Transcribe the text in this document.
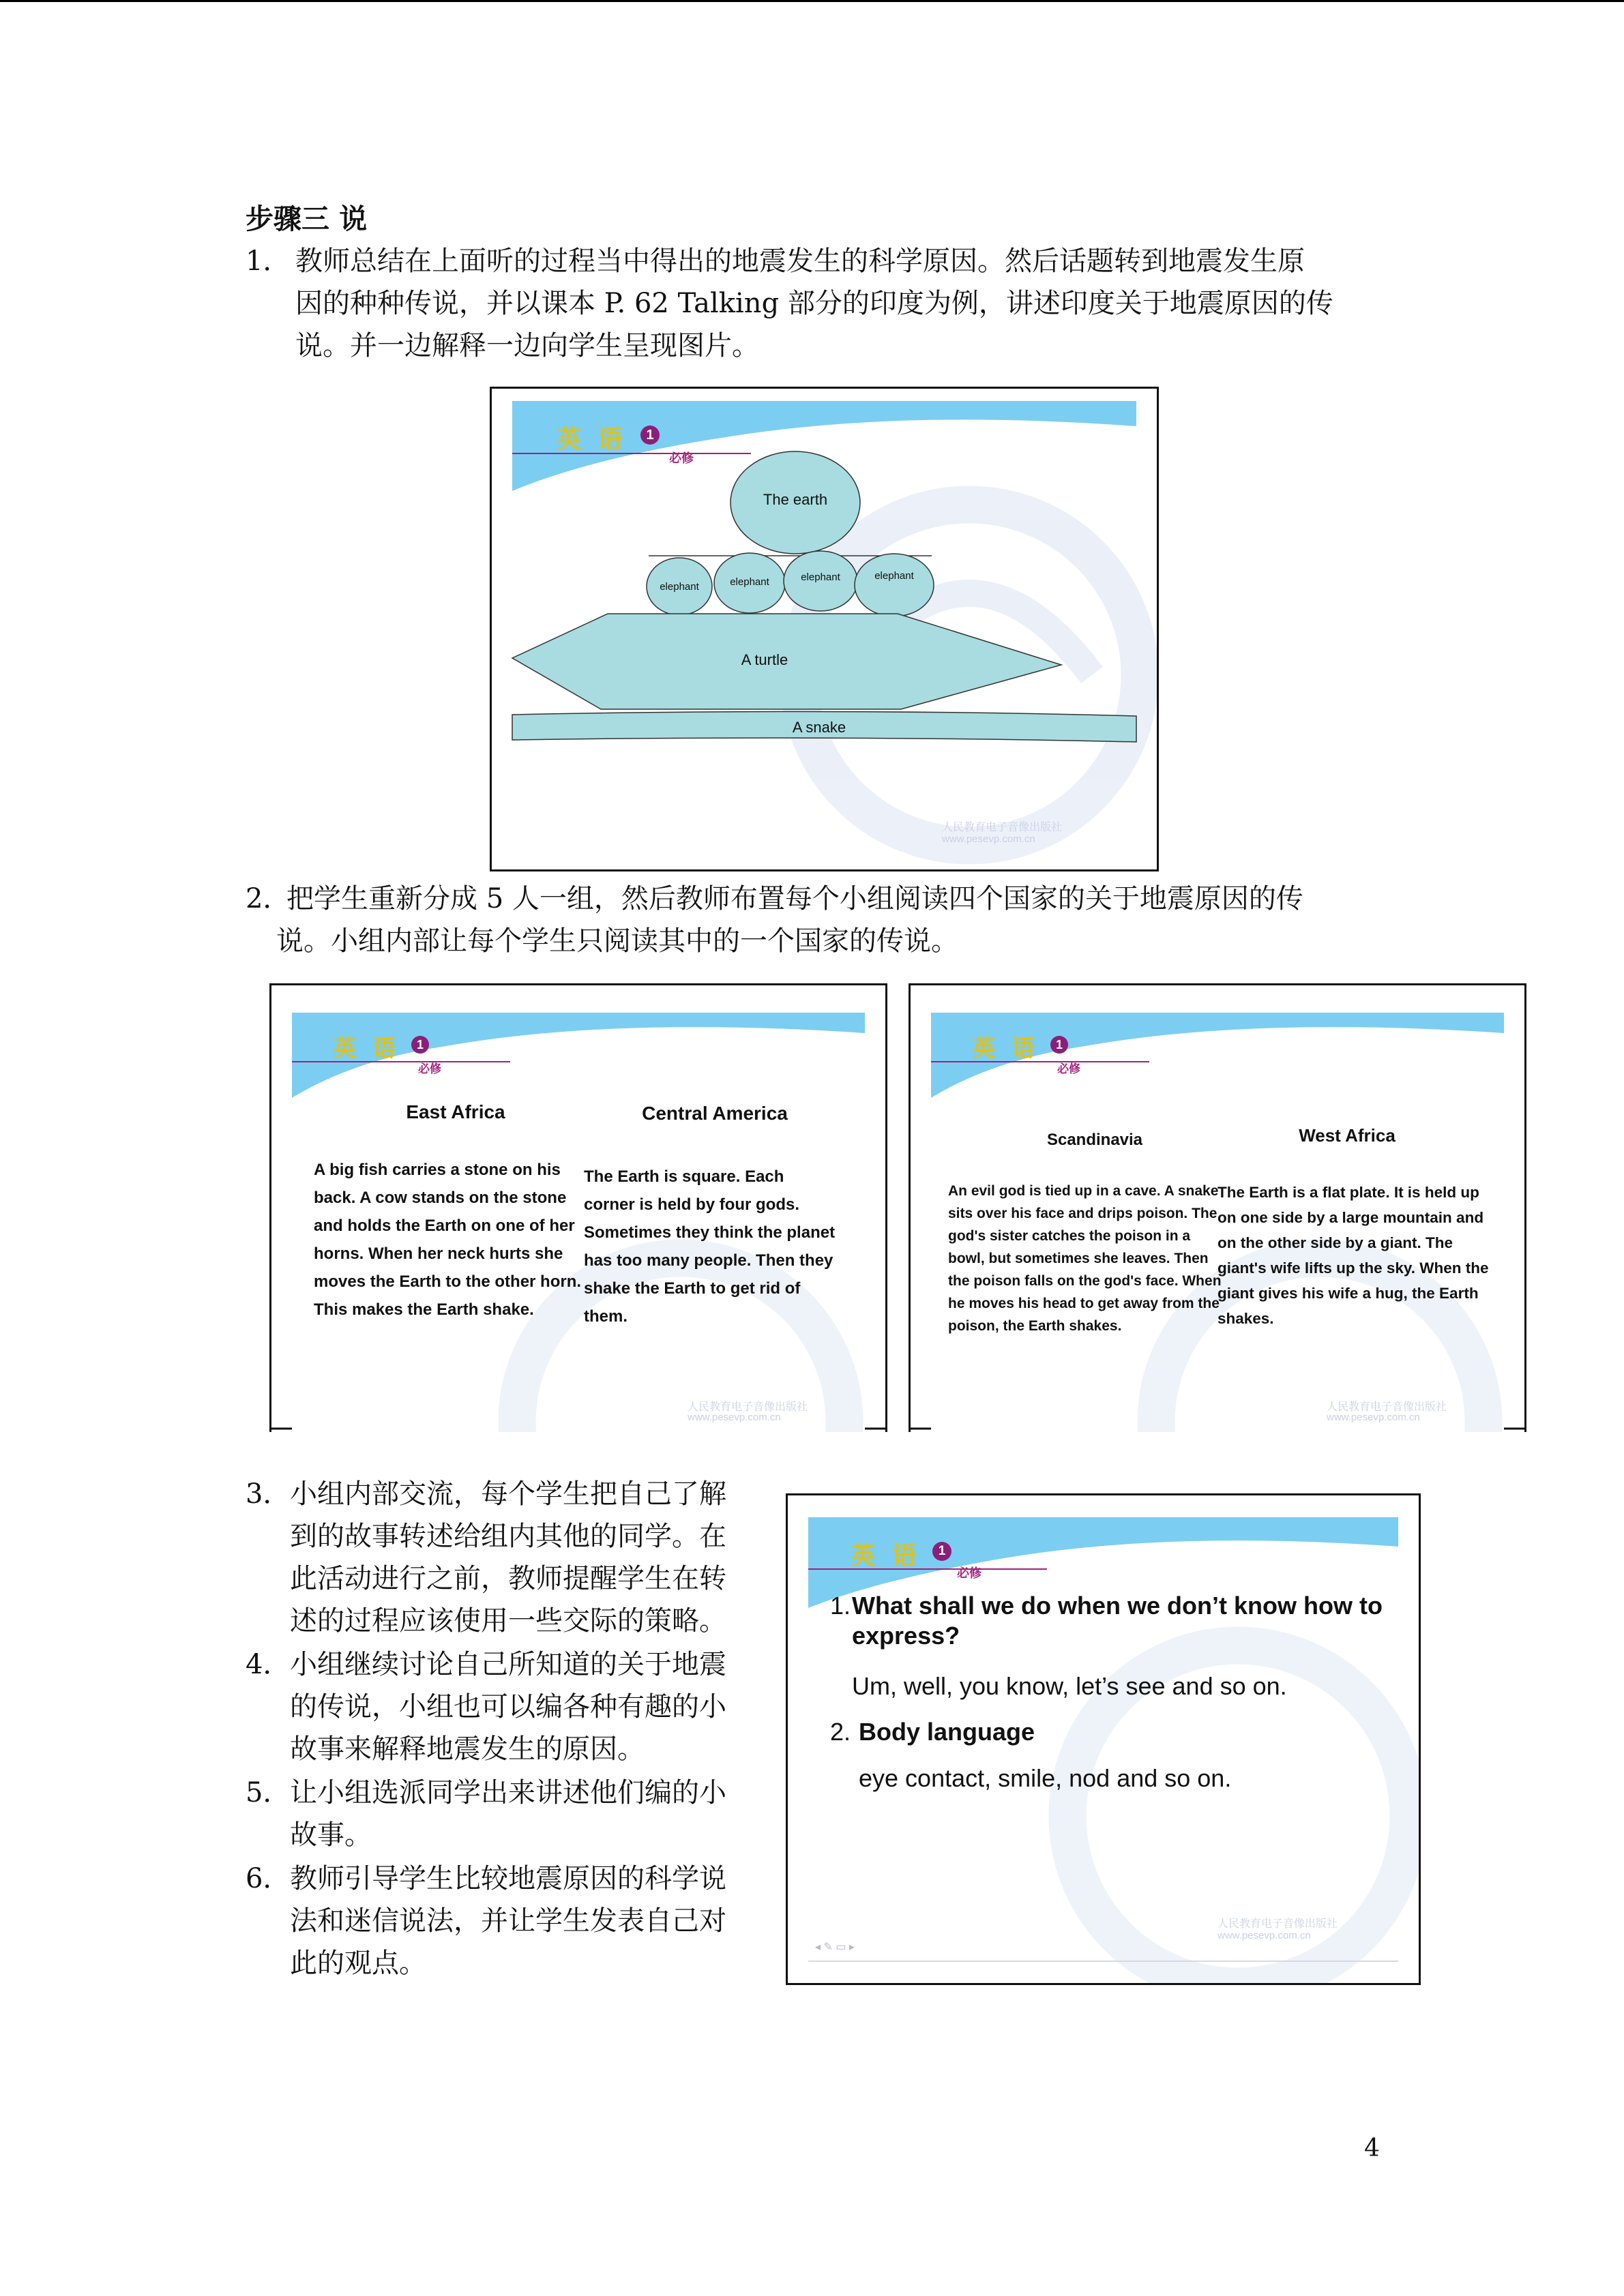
步骤三 说
1． 教师总结在上面听的过程当中得出的地震发生的科学原因。然后话题转到地震发生原
因的种种传说，并以课本 P. 62 Talking 部分的印度为例，讲述印度关于地震原因的传
说。并一边解释一边向学生呈现图片。
英 语	1
必修
The earth
elephant	elephant	elephant	elephant
A turtle
A snake
人民教育电子音像出版社
www.pesevp.com.cn
2．
把学生重新分成 5 人一组，然后教师布置每个小组阅读四个国家的关于地震原因的传
说。小组内部让每个学生只阅读其中的一个国家的传说。
英 语	1
必修
East Africa	Central America
A big fish carries a stone on his back. A cow stands on the stone and holds the Earth on one of her horns. When her neck hurts she moves the Earth to the other horn. This makes the Earth shake.
The Earth is square. Each corner is held by four gods. Sometimes they think the planet has too many people. Then they shake the Earth to get rid of them.
人民教育电子音像出版社
www.pesevp.com.cn
英 语	1
必修
Scandinavia	West Africa
An evil god is tied up in a cave. A snake sits over his face and drips poison. The god's sister catches the poison in a bowl, but sometimes she leaves. Then the poison falls on the god's face. When he moves his head to get away from the poison, the Earth shakes.
The Earth is a flat plate. It is held up on one side by a large mountain and on the other side by a giant. The giant's wife lifts up the sky. When the giant gives his wife a hug, the Earth shakes.
人民教育电子音像出版社
www.pesevp.com.cn
3． 小组内部交流，每个学生把自己了解
到的故事转述给组内其他的同学。在
此活动进行之前，教师提醒学生在转
述的过程应该使用一些交际的策略。
4． 小组继续讨论自己所知道的关于地震
的传说，小组也可以编各种有趣的小
故事来解释地震发生的原因。
5． 让小组选派同学出来讲述他们编的小
故事。
6． 教师引导学生比较地震原因的科学说
法和迷信说法，并让学生发表自己对
此的观点。
◂ ✎ ▭ ▸
英 语	1
必修
1. What shall we do when we don’t know how to express?
Um, well, you know, let’s see and so on.
2. Body language
eye contact, smile, nod and so on.
人民教育电子音像出版社
www.pesevp.com.cn
4
